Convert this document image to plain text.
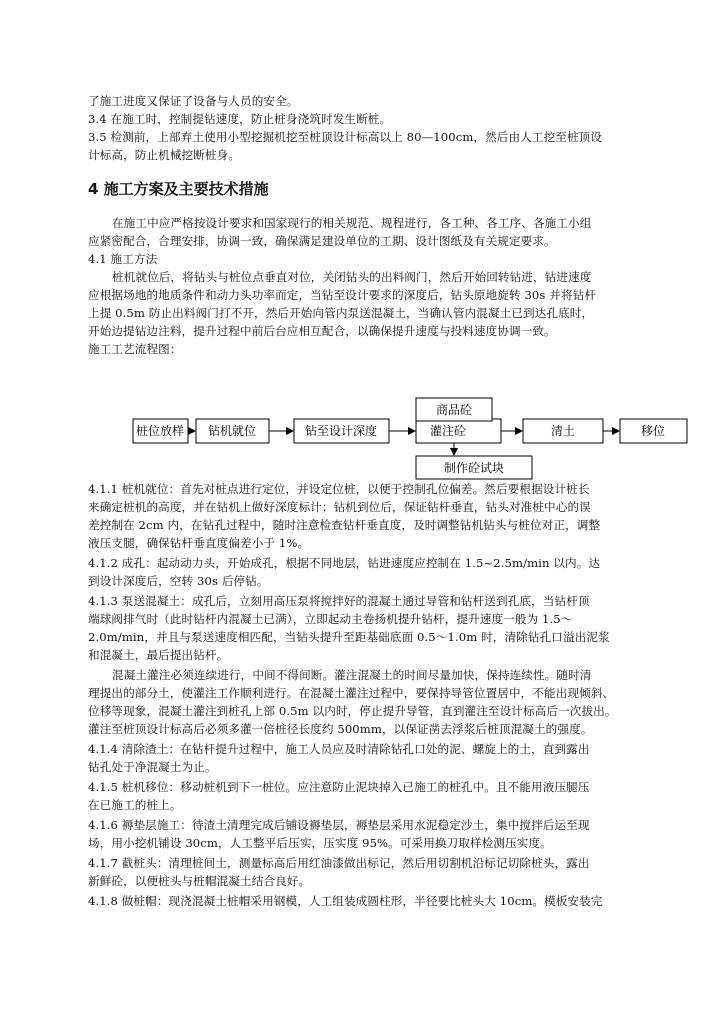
了施工进度又保证了设备与人员的安全。
3.4 在施工时，控制提钻速度，防止桩身浇筑时发生断桩。
3.5 检测前，上部弃土使用小型挖掘机挖至桩顶设计标高以上 80—100cm，然后由人工挖至桩顶设
计标高，防止机械挖断桩身。
4 施工方案及主要技术措施
在施工中应严格按设计要求和国家现行的相关规范、规程进行，各工种、各工序、各施工小组
应紧密配合，合理安排，协调一致，确保满足建设单位的工期、设计图纸及有关规定要求。
4.1 施工方法
桩机就位后，将钻头与桩位点垂直对位，关闭钻头的出料阀门，然后开始回转钻进，钻进速度
应根据场地的地质条件和动力头功率而定，当钻至设计要求的深度后，钻头原地旋转 30s 并将钻杆
上提 0.5m 防止出料阀门打不开，然后开始向管内泵送混凝土，当确认管内混凝土已到达孔底时，
开始边提钻边注料，提升过程中前后台应相互配合，以确保提升速度与投料速度协调一致。
施工工艺流程图：
桩位放样 钻机就位	钻至设计深度	灌注砼	清土	移位
商品砼
制作砼试块
4.1.1 桩机就位：首先对桩点进行定位，并设定位桩，以便于控制孔位偏差。然后要根据设计桩长
来确定桩机的高度，并在钻机上做好深度标计；钻机到位后，保证钻杆垂直，钻头对准桩中心的误
差控制在 2cm 内，在钻孔过程中，随时注意检查钻杆垂直度，及时调整钻机钻头与桩位对正，调整
液压支腿，确保钻杆垂直度偏差小于 1%。
4.1.2 成孔：起动动力头，开始成孔，根据不同地层，钻进速度应控制在 1.5~2.5m/min 以内。达
到设计深度后，空转 30s 后停钻。
4.1.3 泵送混凝土：成孔后，立刻用高压泵将搅拌好的混凝土通过导管和钻杆送到孔底，当钻杆顶
端球阀排气时（此时钻杆内混凝土已满），立即起动主卷扬机提升钻杆，提升速度一般为 1.5～
2.0m/min，并且与泵送速度相匹配，当钻头提升至距基础底面 0.5～1.0m 时，清除钻孔口溢出泥浆
和混凝土，最后提出钻杆。
混凝土灌注必须连续进行，中间不得间断。灌注混凝土的时间尽量加快，保持连续性。随时清
理提出的部分土，使灌注工作顺利进行。在混凝土灌注过程中，要保持导管位置居中，不能出现倾斜、
位移等现象，混凝土灌注到桩孔上部 0.5m 以内时，停止提升导管，直到灌注至设计标高后一次拔出。
灌注至桩顶设计标高后必须多灌一倍桩径长度约 500mm，以保证凿去浮浆后桩顶混凝土的强度。
4.1.4 清除渣土：在钻杆提升过程中，施工人员应及时清除钻孔口处的泥、螺旋上的土，直到露出
钻孔处于净混凝土为止。
4.1.5 桩机移位：移动桩机到下一桩位。应注意防止泥块掉入已施工的桩孔中。且不能用液压腿压
在已施工的桩上。
4.1.6 褥垫层施工：待渣土清理完成后铺设褥垫层，褥垫层采用水泥稳定沙土，集中搅拌后运至现
场，用小挖机铺设 30cm，人工整平后压实，压实度 95%。可采用换刀取样检测压实度。
4.1.7 截桩头：清理桩间土，测量标高后用红油漆做出标记，然后用切割机沿标记切除桩头，露出
新鲜砼，以便桩头与桩帽混凝土结合良好。
4.1.8 做桩帽：现浇混凝土桩帽采用钢模，人工组装成圆柱形，半径要比桩头大 10cm。模板安装完
